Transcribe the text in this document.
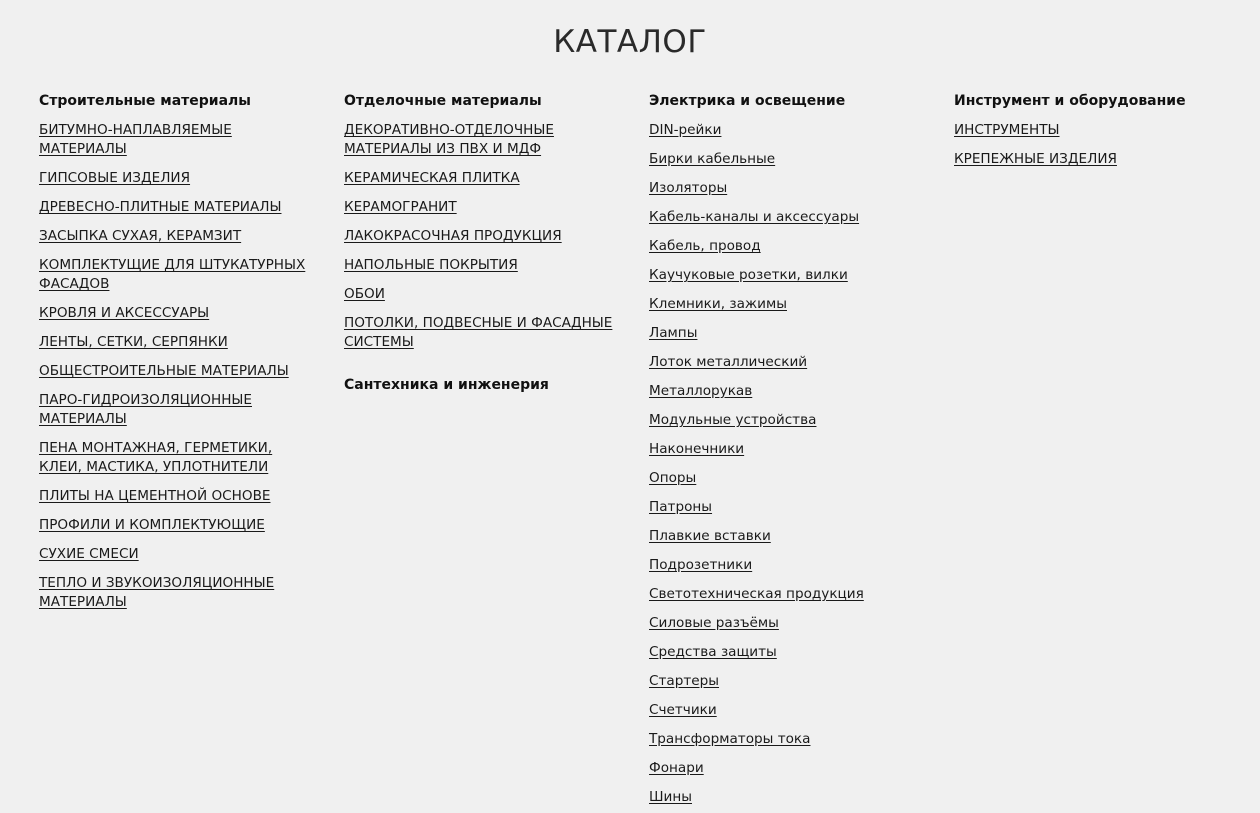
КАТАЛОГ
Строительные материалы
БИТУМНО-НАПЛАВЛЯЕМЫЕ МАТЕРИАЛЫ
ГИПСОВЫЕ ИЗДЕЛИЯ
ДРЕВЕСНО-ПЛИТНЫЕ МАТЕРИАЛЫ
ЗАСЫПКА СУХАЯ, КЕРАМЗИТ
КОМПЛЕКТУЩИЕ ДЛЯ ШТУКАТУРНЫХ ФАСАДОВ
КРОВЛЯ И АКСЕССУАРЫ
ЛЕНТЫ, СЕТКИ, СЕРПЯНКИ
ОБЩЕСТРОИТЕЛЬНЫЕ МАТЕРИАЛЫ
ПАРО-ГИДРОИЗОЛЯЦИОННЫЕ МАТЕРИАЛЫ
ПЕНА МОНТАЖНАЯ, ГЕРМЕТИКИ, КЛЕИ, МАСТИКА, УПЛОТНИТЕЛИ
ПЛИТЫ НА ЦЕМЕНТНОЙ ОСНОВЕ
ПРОФИЛИ И КОМПЛЕКТУЮЩИЕ
СУХИЕ СМЕСИ
ТЕПЛО И ЗВУКОИЗОЛЯЦИОННЫЕ МАТЕРИАЛЫ
Отделочные материалы
ДЕКОРАТИВНО-ОТДЕЛОЧНЫЕ МАТЕРИАЛЫ ИЗ ПВХ И МДФ
КЕРАМИЧЕСКАЯ ПЛИТКА
КЕРАМОГРАНИТ
ЛАКОКРАСОЧНАЯ ПРОДУКЦИЯ
НАПОЛЬНЫЕ ПОКРЫТИЯ
ОБОИ
ПОТОЛКИ, ПОДВЕСНЫЕ И ФАСАДНЫЕ СИСТЕМЫ
Сантехника и инженерия
Электрика и освещение
DIN-рейки
Бирки кабельные
Изоляторы
Кабель-каналы и аксессуары
Кабель, провод
Каучуковые розетки, вилки
Клемники, зажимы
Лампы
Лоток металлический
Металлорукав
Модульные устройства
Наконечники
Опоры
Патроны
Плавкие вставки
Подрозетники
Светотехническая продукция
Силовые разъёмы
Средства защиты
Стартеры
Счетчики
Трансформаторы тока
Фонари
Шины
Инструмент и оборудование
ИНСТРУМЕНТЫ
КРЕПЕЖНЫЕ ИЗДЕЛИЯ
